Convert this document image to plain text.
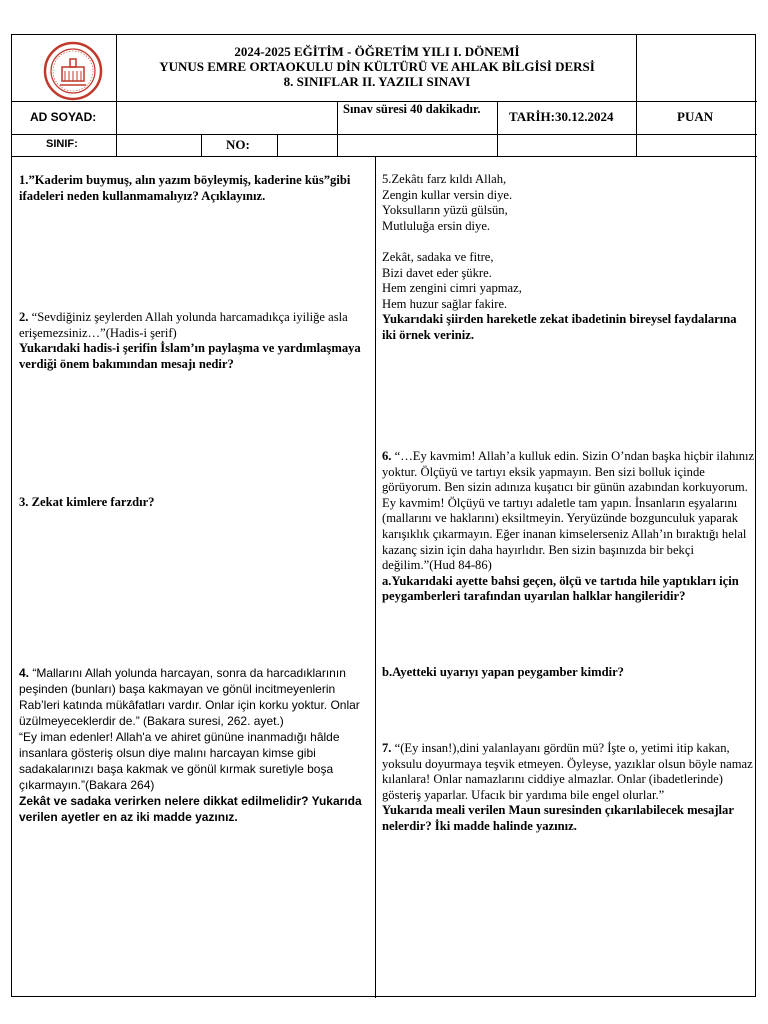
2024-2025 EĞİTİM - ÖĞRETİM YILI I. DÖNEMİ
YUNUS EMRE ORTAOKULU DİN KÜLTÜRÜ VE AHLAK BİLGİSİ DERSİ
8. SINIFLAR II. YAZILI SINAVI
AD SOYAD:
Sınav süresi 40 dakikadır.	TARİH:30.12.2024	PUAN
SINIF:	NO:
1.”Kaderim buymuş, alın yazım böyleymiş, kaderine küs”gibi ifadeleri neden kullanmamalıyız? Açıklayınız.

2. “Sevdiğiniz şeylerden Allah yolunda harcamadıkça iyiliğe asla erişemezsiniz…”(Hadis-i şerif)

Yukarıdaki hadis-i şerifin İslam’ın paylaşma ve yardımlaşmaya verdiği önem bakımından mesajı nedir?

3. Zekat kimlere farzdır?

4. “Mallarını Allah yolunda harcayan, sonra da harcadıklarının peşinden (bunları) başa kakmayan ve gönül incitmeyenlerin Rab’leri katında mükâfatları vardır. Onlar için korku yoktur. Onlar üzülmeyeceklerdir de.” (Bakara suresi, 262. ayet.)

“Ey iman edenler! Allah'a ve ahiret gününe inanmadığı hâlde insanlara gösteriş olsun diye malını harcayan kimse gibi sadakalarınızı başa kakmak ve gönül kırmak suretiyle boşa çıkarmayın.”(Bakara 264)

Zekât ve sadaka verirken nelere dikkat edilmelidir? Yukarıda verilen ayetler en az iki madde yazınız.

5.Zekâtı farz kıldı Allah,

Zengin kullar versin diye.

Yoksulların yüzü gülsün,

Mutluluğa ersin diye.

Zekât, sadaka ve fitre,

Bizi davet eder şükre.

Hem zengini cimri yapmaz,

Hem huzur sağlar fakire.

Yukarıdaki şiirden hareketle zekat ibadetinin bireysel faydalarına iki örnek veriniz.

6. “…Ey kavmim! Allah’a kulluk edin. Sizin O’ndan başka hiçbir ilahınız yoktur. Ölçüyü ve tartıyı eksik yapmayın. Ben sizi bolluk içinde görüyorum. Ben sizin adınıza kuşatıcı bir günün azabından korkuyorum. Ey kavmim! Ölçüyü ve tartıyı adaletle tam yapın. İnsanların eşyalarını (mallarını ve haklarını) eksiltmeyin. Yeryüzünde bozgunculuk yaparak karışıklık çıkarmayın. Eğer inanan kimselerseniz Allah’ın bıraktığı helal kazanç sizin için daha hayırlıdır. Ben sizin başınızda bir bekçi değilim.”(Hud 84-86)

a.Yukarıdaki ayette bahsi geçen, ölçü ve tartıda hile yaptıkları için peygamberleri tarafından uyarılan halklar hangileridir?

b.Ayetteki uyarıyı yapan peygamber kimdir?

7. “(Ey insan!),dini yalanlayanı gördün mü? İşte o, yetimi itip kakan, yoksulu doyurmaya teşvik etmeyen. Öyleyse, yazıklar olsun böyle namaz kılanlara! Onlar namazlarını ciddiye almazlar. Onlar (ibadetlerinde) gösteriş yaparlar. Ufacık bir yardıma bile engel olurlar.”

Yukarıda meali verilen Maun suresinden çıkarılabilecek mesajlar nelerdir? İki madde halinde yazınız.
